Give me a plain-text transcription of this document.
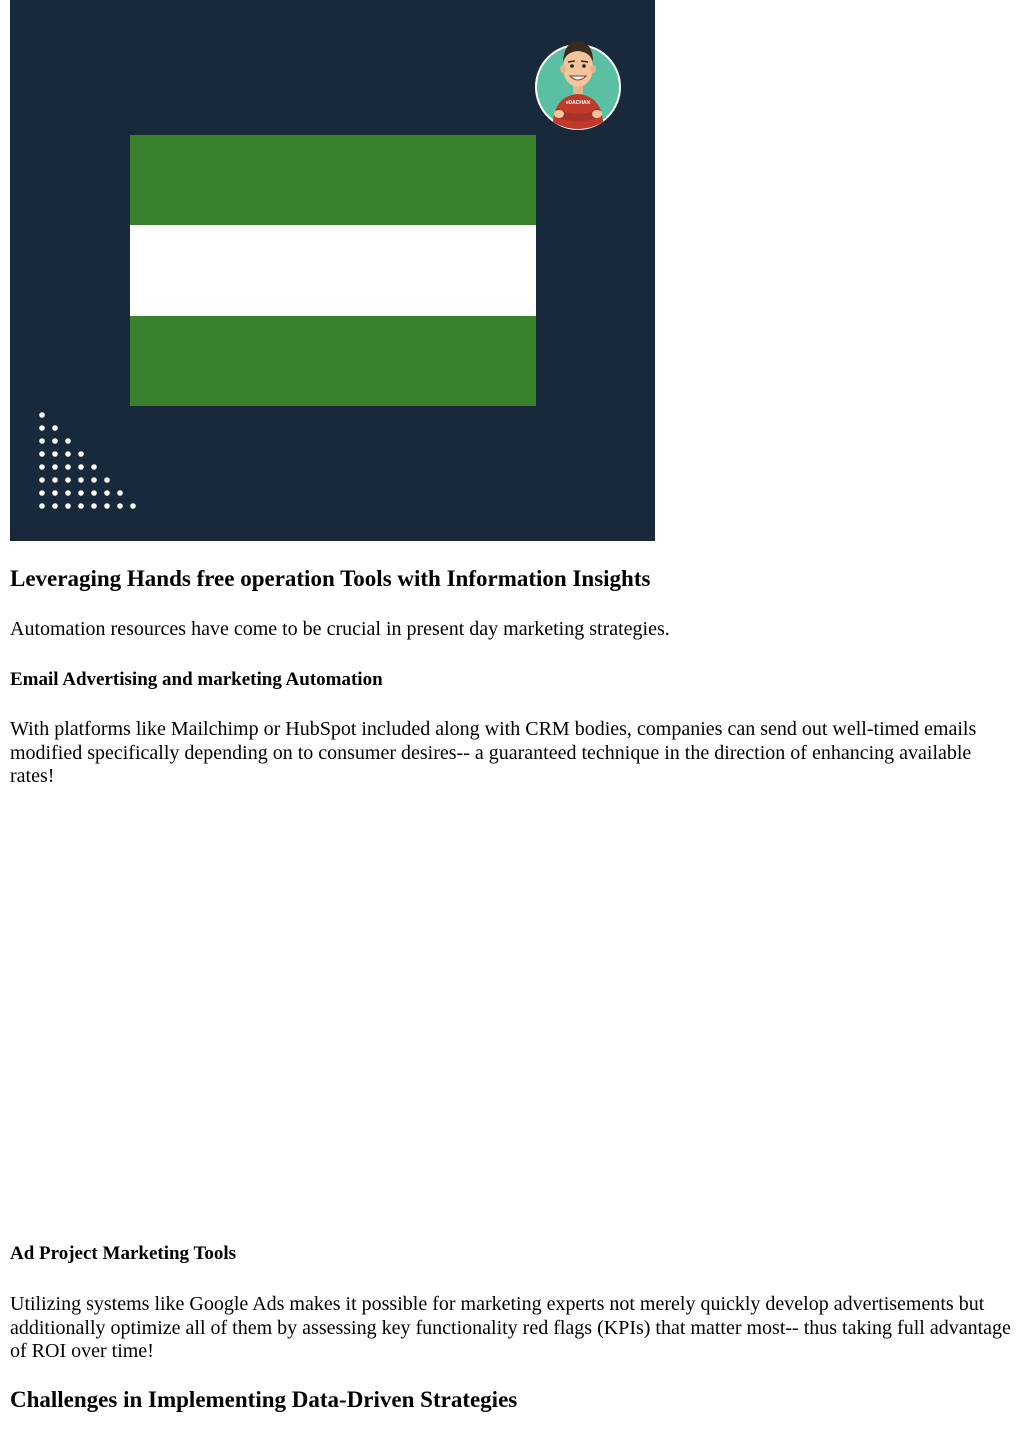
eDACHAN
Leveraging Hands free operation Tools with Information Insights

Automation resources have come to be crucial in present day marketing strategies.

Email Advertising and marketing Automation

With platforms like Mailchimp or HubSpot included along with CRM bodies, companies can send out well-timed emails modified specifically depending on to consumer desires-- a guaranteed technique in the direction of enhancing available rates!

Ad Project Marketing Tools

Utilizing systems like Google Ads makes it possible for marketing experts not merely quickly develop advertisements but additionally optimize all of them by assessing key functionality red flags (KPIs) that matter most-- thus taking full advantage of ROI over time!

Challenges in Implementing Data-Driven Strategies
